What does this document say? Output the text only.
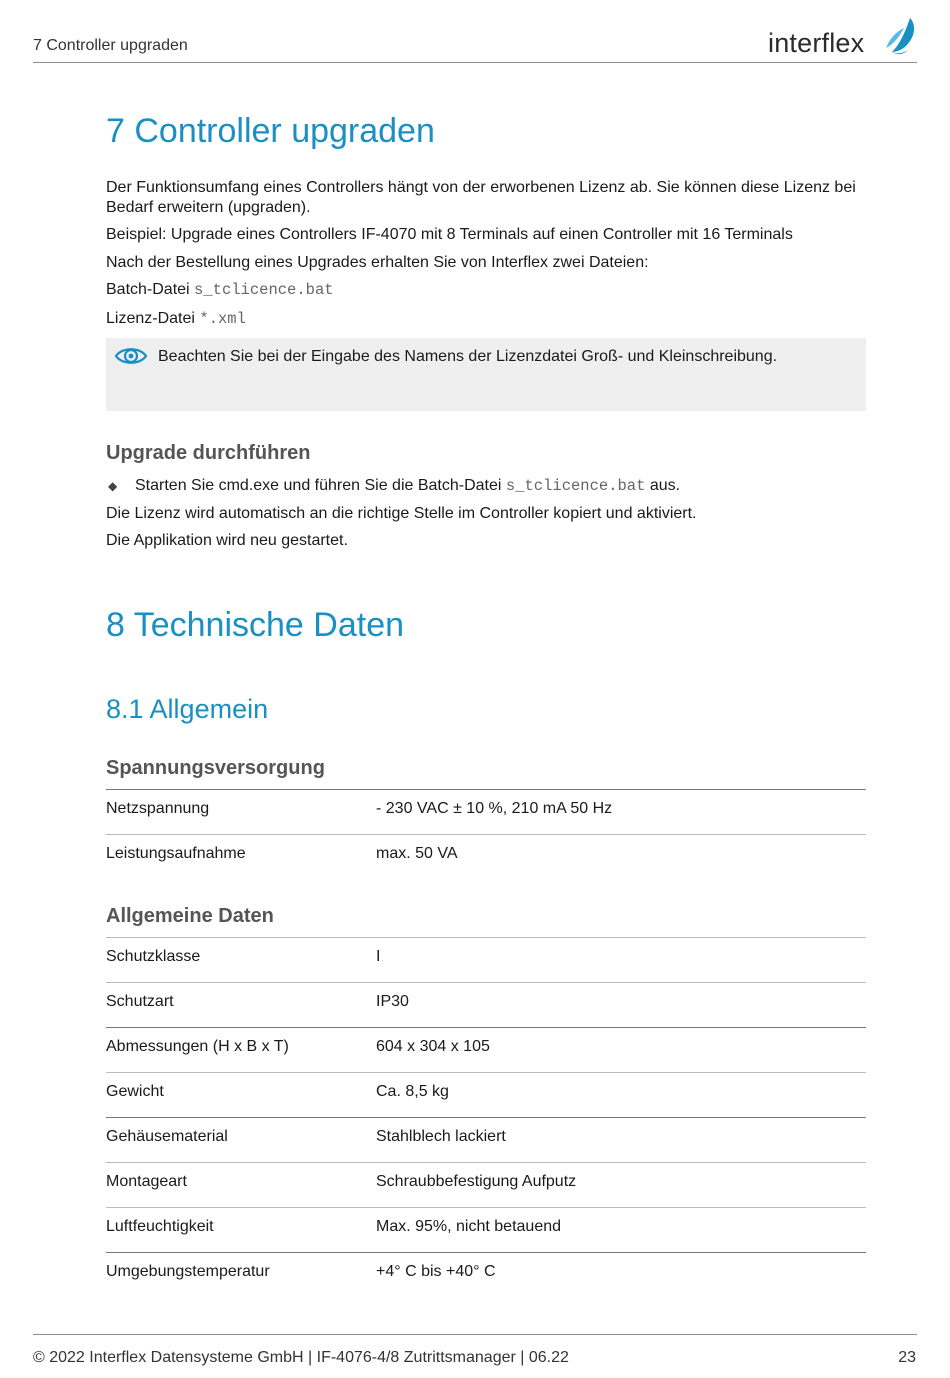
7 Controller upgraden	interflex
7 Controller upgraden
Der Funktionsumfang eines Controllers hängt von der erworbenen Lizenz ab. Sie können diese Lizenz bei Bedarf erweitern (upgraden).
Beispiel: Upgrade eines Controllers IF-4070 mit 8 Terminals auf einen Controller mit 16 Terminals
Nach der Bestellung eines Upgrades erhalten Sie von Interflex zwei Dateien:
Batch-Datei s_tclicence.bat
Lizenz-Datei *.xml
Beachten Sie bei der Eingabe des Namens der Lizenzdatei Groß- und Kleinschreibung.
Upgrade durchführen
◆ Starten Sie cmd.exe und führen Sie die Batch-Datei s_tclicence.bat aus.
Die Lizenz wird automatisch an die richtige Stelle im Controller kopiert und aktiviert.
Die Applikation wird neu gestartet.
8 Technische Daten
8.1 Allgemein
Spannungsversorgung
Netzspannung	- 230 VAC ± 10 %, 210 mA 50 Hz
Leistungsaufnahme	max. 50 VA
Allgemeine Daten
Schutzklasse	I
Schutzart	IP30
Abmessungen (H x B x T)	604 x 304 x 105
Gewicht	Ca. 8,5 kg
Gehäusematerial	Stahlblech lackiert
Montageart	Schraubbefestigung Aufputz
Luftfeuchtigkeit	Max. 95%, nicht betauend
Umgebungstemperatur	+4° C bis +40° C
© 2022 Interflex Datensysteme GmbH | IF-4076-4/8 Zutrittsmanager | 06.22	23
